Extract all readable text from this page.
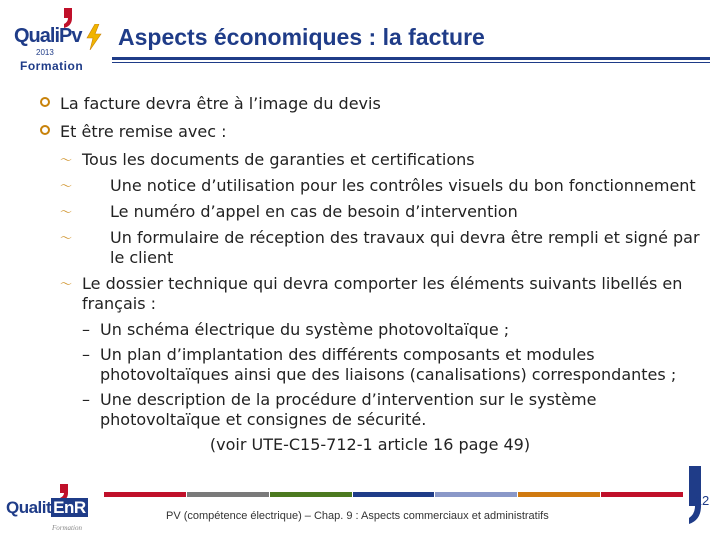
QualiPv
2013
Formation
Aspects économiques : la facture
La facture devra être à l’image du devis
Et être remise avec :
〜 Tous les documents de garanties et certifications
〜	Une notice d’utilisation pour les contrôles visuels du bon fonctionnement
〜	Le numéro d’appel en cas de besoin d’intervention
〜	Un formulaire de réception des travaux qui devra être rempli et signé par le client
〜 Le dossier technique qui devra comporter les éléments suivants libellés en français :
– Un schéma électrique du système photovoltaïque ;
– Un plan d’implantation des différents composants et modules photovoltaïques ainsi que des liaisons (canalisations) correspondantes ;
– Une description de la procédure d’intervention sur le système photovoltaïque et consignes de sécurité.
(voir UTE-C15-712-1 article 16 page 49)
Qualit EnR
Formation
PV (compétence électrique) – Chap. 9 : Aspects commerciaux et administratifs
12
